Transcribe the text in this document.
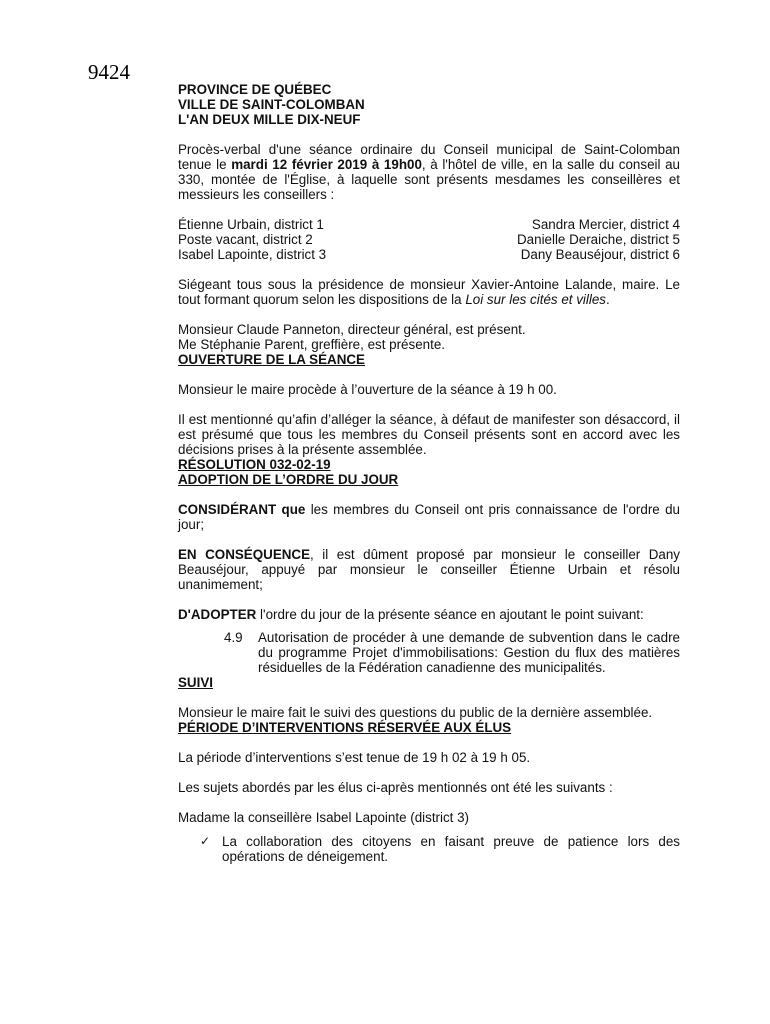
9424

PROVINCE DE QUÉBEC

VILLE DE SAINT-COLOMBAN

L'AN DEUX MILLE DIX-NEUF

Procès-verbal d'une séance ordinaire du Conseil municipal de Saint-Colomban tenue le mardi 12 février 2019 à 19h00, à l'hôtel de ville, en la salle du conseil au 330, montée de l'Église, à laquelle sont présents mesdames les conseillères et messieurs les conseillers :

Étienne Urbain, district 1
Poste vacant, district 2
Isabel Lapointe, district 3
Sandra Mercier, district 4
Danielle Deraiche, district 5
Dany Beauséjour, district 6

Siégeant tous sous la présidence de monsieur Xavier-Antoine Lalande, maire. Le tout formant quorum selon les dispositions de la Loi sur les cités et villes.

Monsieur Claude Panneton, directeur général, est présent.

Me Stéphanie Parent, greffière, est présente.

OUVERTURE DE LA SÉANCE

Monsieur le maire procède à l’ouverture de la séance à 19 h 00.

Il est mentionné qu’afin d’alléger la séance, à défaut de manifester son désaccord, il est présumé que tous les membres du Conseil présents sont en accord avec les décisions prises à la présente assemblée.

RÉSOLUTION 032-02-19

ADOPTION DE L’ORDRE DU JOUR

CONSIDÉRANT que les membres du Conseil ont pris connaissance de l'ordre du jour;

EN CONSÉQUENCE, il est dûment proposé par monsieur le conseiller Dany Beauséjour, appuyé par monsieur le conseiller Étienne Urbain et résolu unanimement;

D'ADOPTER l'ordre du jour de la présente séance en ajoutant le point suivant:

4.9	Autorisation de procéder à une demande de subvention dans le cadre du programme Projet d'immobilisations: Gestion du flux des matières résiduelles de la Fédération canadienne des municipalités.

SUIVI

Monsieur le maire fait le suivi des questions du public de la dernière assemblée.

PÉRIODE D’INTERVENTIONS RÉSERVÉE AUX ÉLUS

La période d’interventions s’est tenue de 19 h 02 à 19 h 05.

Les sujets abordés par les élus ci-après mentionnés ont été les suivants :

Madame la conseillère Isabel Lapointe (district 3)

✓ La collaboration des citoyens en faisant preuve de patience lors des opérations de déneigement.
